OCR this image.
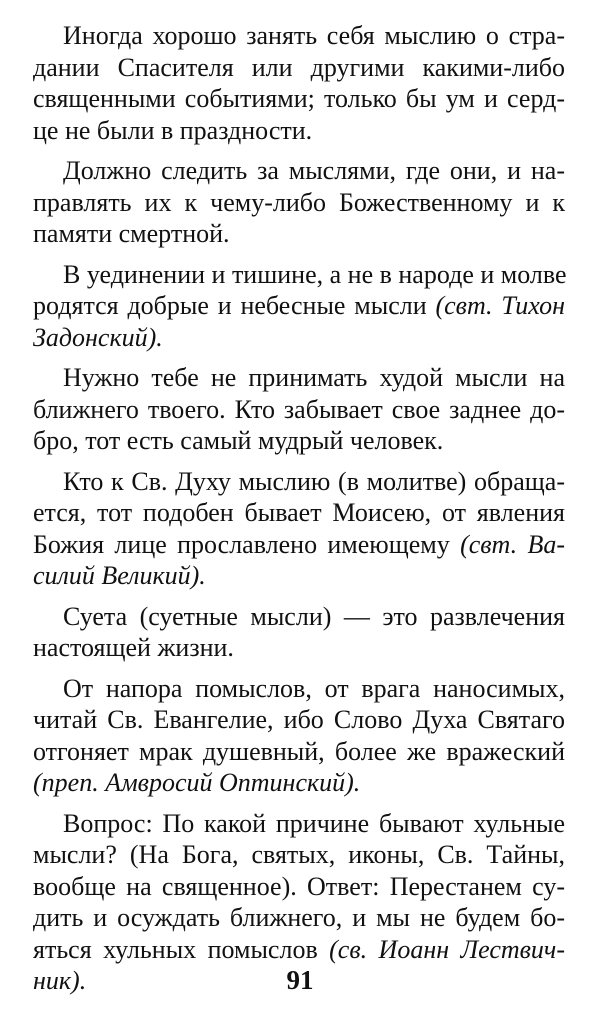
Иногда хорошо занять себя мыслию о стра-
дании Спасителя или другими какими-либо
священными событиями; только бы ум и серд-
це не были в праздности.
Должно следить за мыслями, где они, и на-
правлять их к чему-либо Божественному и к
памяти смертной.
В уединении и тишине, а не в народе и молве
родятся добрые и небесные мысли (свт. Тихон
Задонский).
Нужно тебе не принимать худой мысли на
ближнего твоего. Кто забывает свое заднее до-
бро, тот есть самый мудрый человек.
Кто к Св. Духу мыслию (в молитве) обраща-
ется, тот подобен бывает Моисею, от явления
Божия лице прославлено имеющему (свт. Ва-
силий Великий).
Суета (суетные мысли) — это развлечения
настоящей жизни.
От напора помыслов, от врага наносимых,
читай Св. Евангелие, ибо Слово Духа Святаго
отгоняет мрак душевный, более же вражеский
(преп. Амвросий Оптинский).
Вопрос: По какой причине бывают хульные
мысли? (На Бога, святых, иконы, Св. Тайны,
вообще на священное). Ответ: Перестанем су-
дить и осуждать ближнего, и мы не будем бо-
яться хульных помыслов (св. Иоанн Лествич-
ник).	91
